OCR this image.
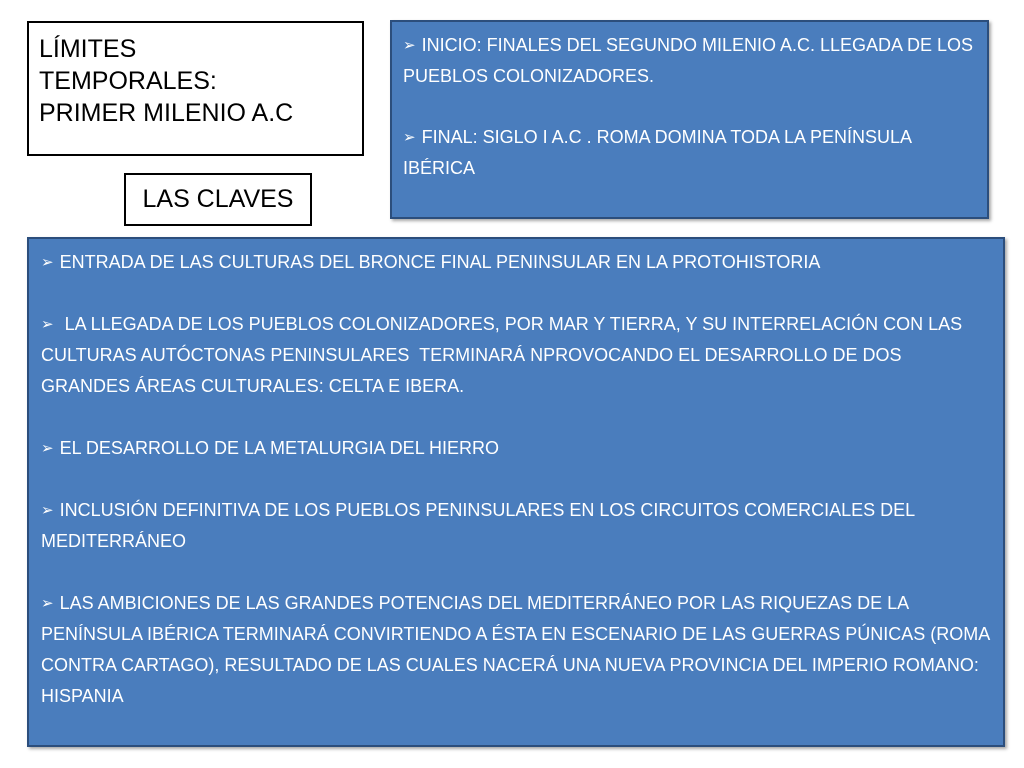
LÍMITES
TEMPORALES:
PRIMER MILENIO A.C
LAS CLAVES

➢ INICIO: FINALES DEL SEGUNDO MILENIO A.C. LLEGADA DE LOS PUEBLOS COLONIZADORES.

➢ FINAL: SIGLO I A.C . ROMA DOMINA TODA LA PENÍNSULA IBÉRICA

➢ ENTRADA DE LAS CULTURAS DEL BRONCE FINAL PENINSULAR EN LA PROTOHISTORIA

➢ LA LLEGADA DE LOS PUEBLOS COLONIZADORES, POR MAR Y TIERRA, Y SU INTERRELACIÓN CON LAS CULTURAS AUTÓCTONAS PENINSULARES  TERMINARÁ NPROVOCANDO EL DESARROLLO DE DOS GRANDES ÁREAS CULTURALES: CELTA E IBERA.

➢ EL DESARROLLO DE LA METALURGIA DEL HIERRO

➢ INCLUSIÓN DEFINITIVA DE LOS PUEBLOS PENINSULARES EN LOS CIRCUITOS COMERCIALES DEL MEDITERRÁNEO

➢ LAS AMBICIONES DE LAS GRANDES POTENCIAS DEL MEDITERRÁNEO POR LAS RIQUEZAS DE LA PENÍNSULA IBÉRICA TERMINARÁ CONVIRTIENDO A ÉSTA EN ESCENARIO DE LAS GUERRAS PÚNICAS (ROMA CONTRA CARTAGO), RESULTADO DE LAS CUALES NACERÁ UNA NUEVA PROVINCIA DEL IMPERIO ROMANO: HISPANIA
